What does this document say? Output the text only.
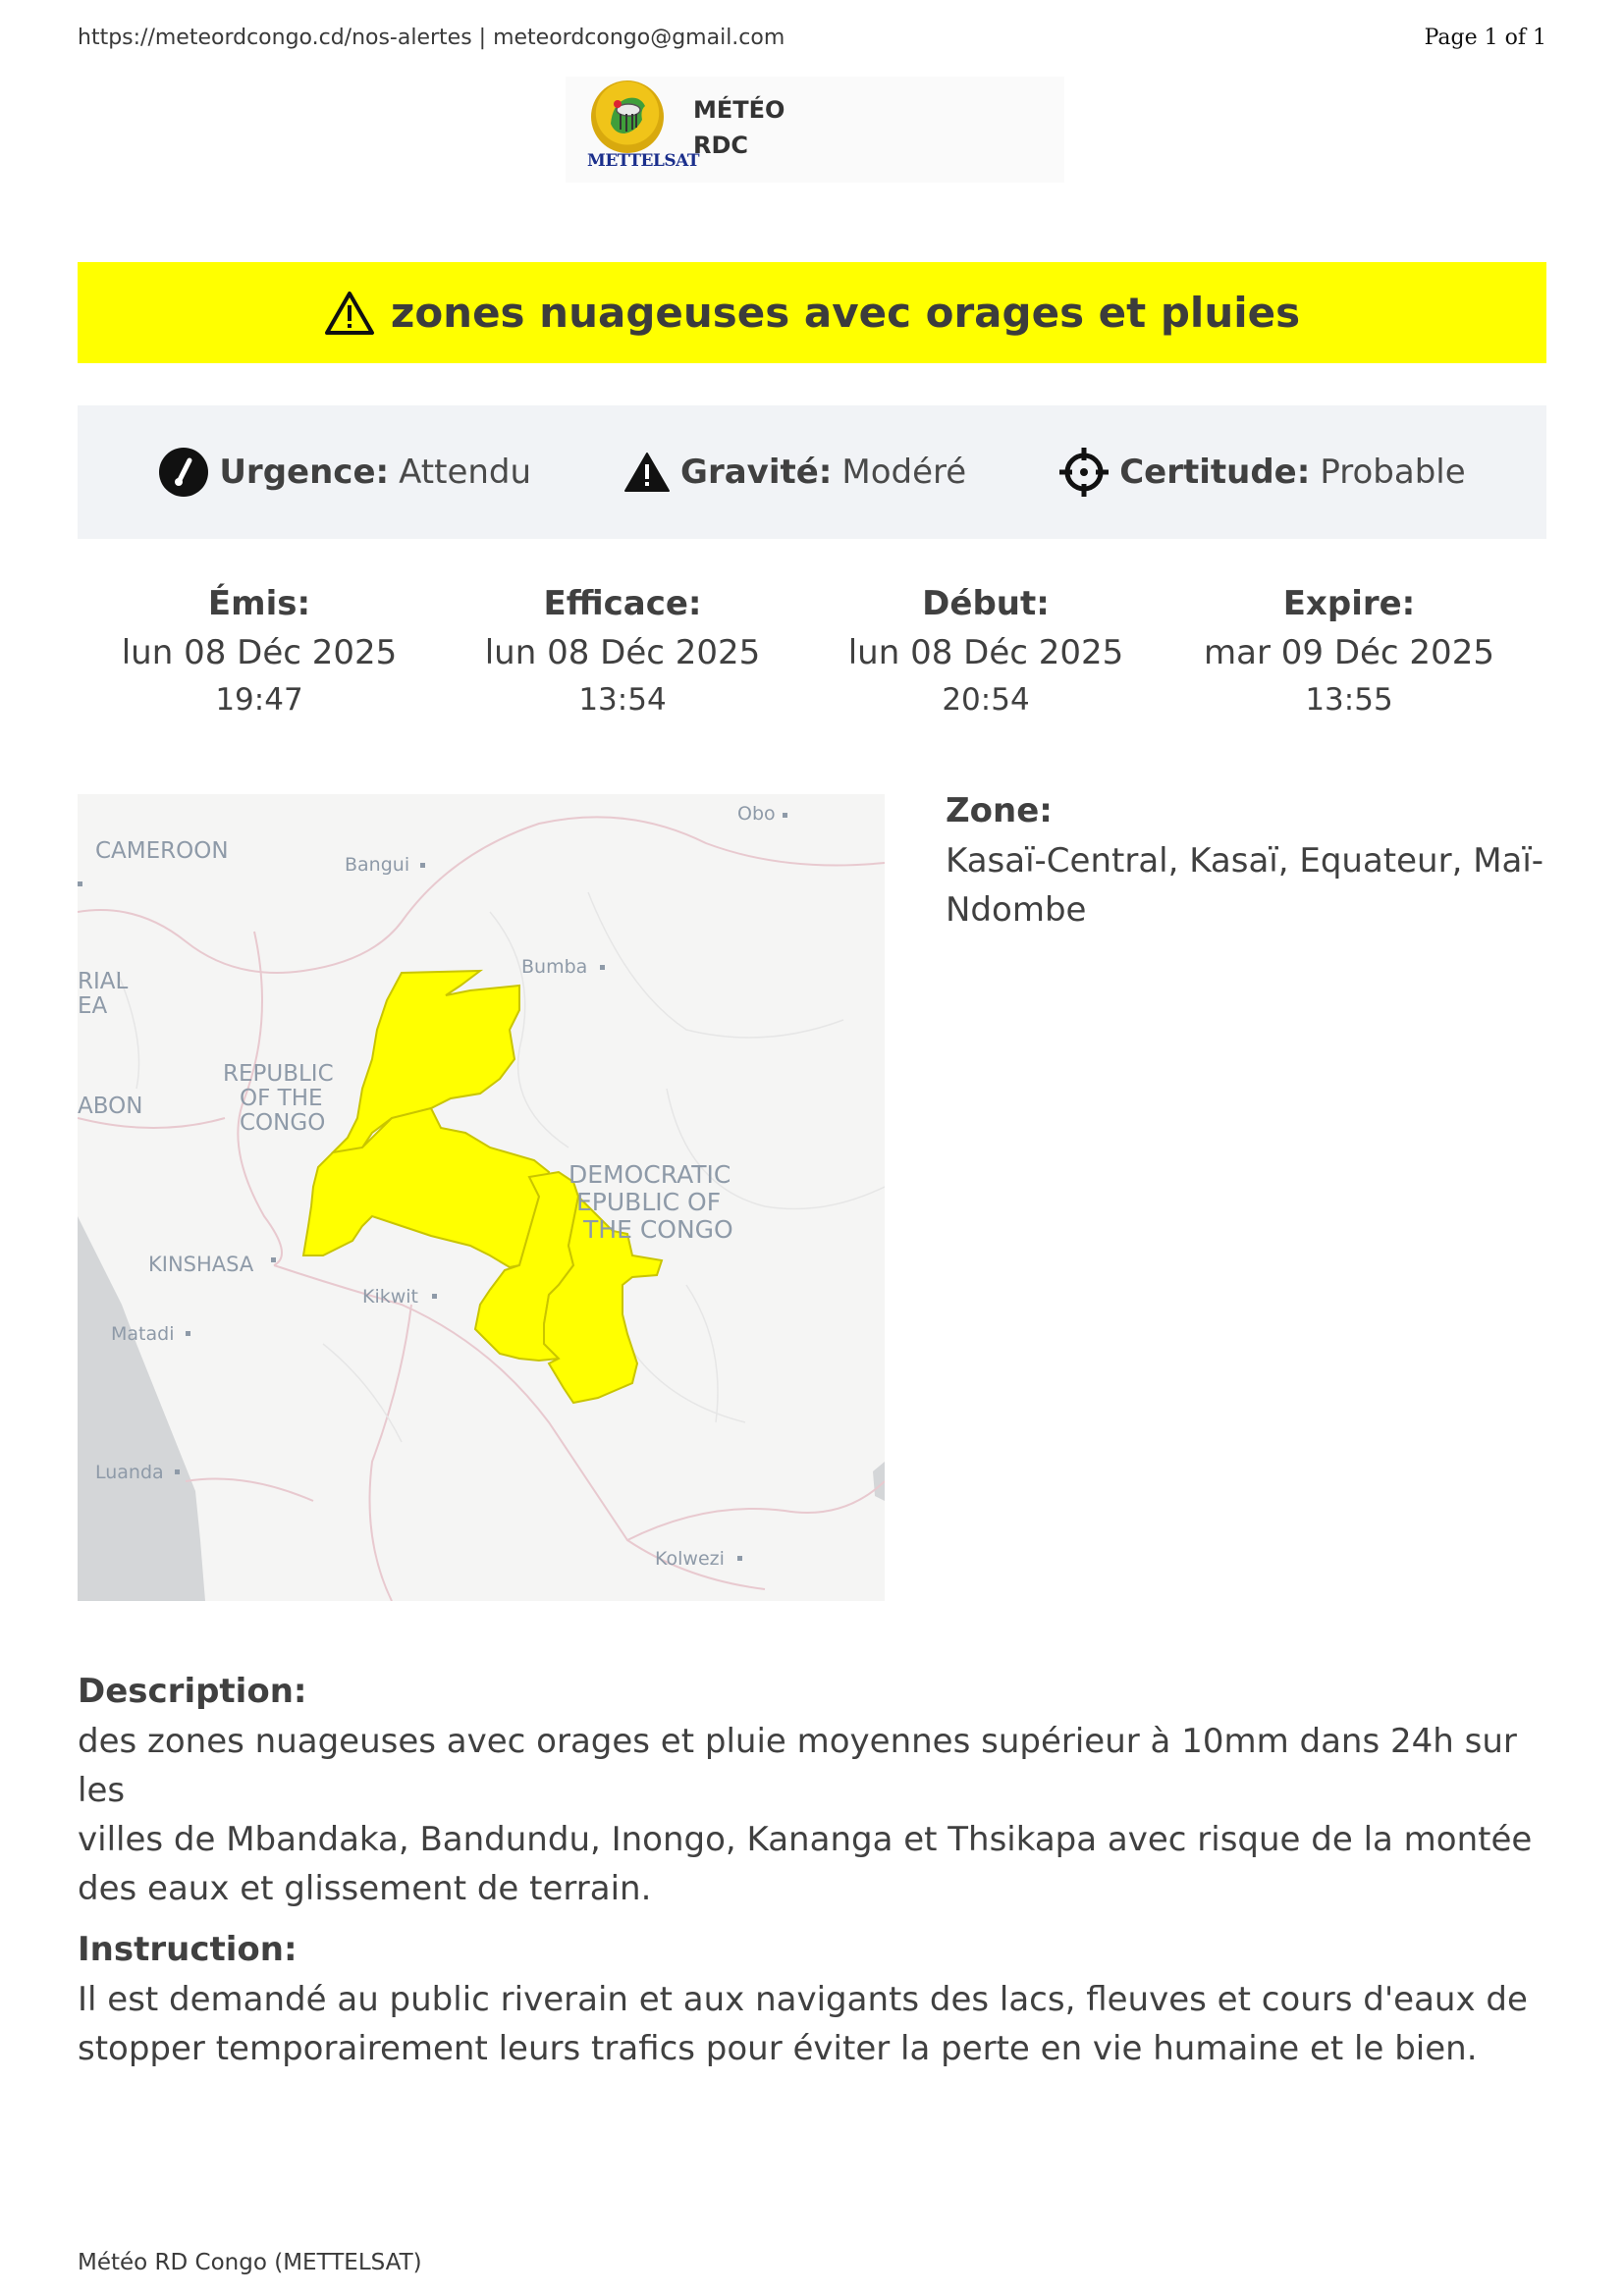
https://meteordcongo.cd/nos-alertes | meteordcongo@gmail.com	Page 1 of 1
METTELSAT
MÉTÉO
RDC
zones nuageuses avec orages et pluies
Urgence: Attendu	Gravité: Modéré	Certitude: Probable
Émis:
lun 08 Déc 2025
19:47
Efficace:
lun 08 Déc 2025
13:54
Début:
lun 08 Déc 2025
20:54
Expire:
mar 09 Déc 2025
13:55
CAMEROON
Bangui
Obo
Bumba
RIAL
EA
ABON
REPUBLIC
OF THE
CONGO
DEMOCRATIC
EPUBLIC OF
THE CONGO
KINSHASA
Kikwit
Matadi
Luanda
Kolwezi
Zone:
Kasaï-Central, Kasaï, Equateur, Maï-
Ndombe
Description:
des zones nuageuses avec orages et pluie moyennes supérieur à 10mm dans 24h sur les
villes de Mbandaka, Bandundu, Inongo, Kananga et Thsikapa avec risque de la montée
des eaux et glissement de terrain.
Instruction:
Il est demandé au public riverain et aux navigants des lacs, fleuves et cours d'eaux de
stopper temporairement leurs trafics pour éviter la perte en vie humaine et le bien.
Météo RD Congo (METTELSAT)
